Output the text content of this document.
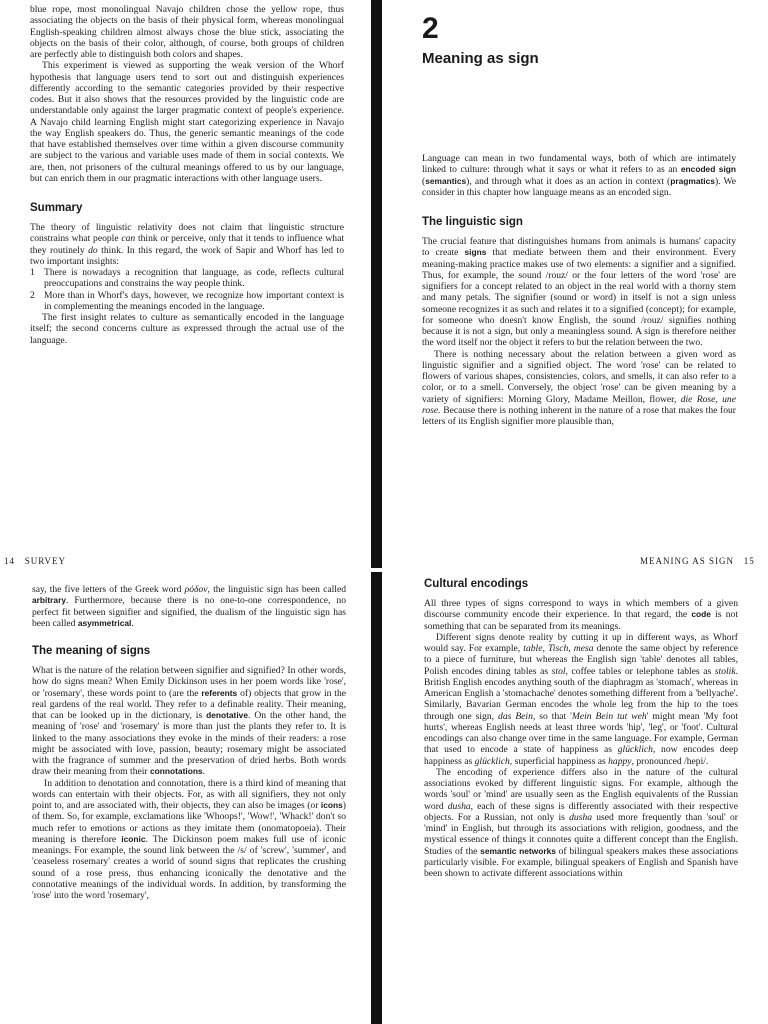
blue rope, most monolingual Navajo children chose the yellow rope, thus associating the objects on the basis of their physical form, whereas monolingual English-speaking children almost always chose the blue stick, associating the objects on the basis of their color, although, of course, both groups of children are perfectly able to distinguish both colors and shapes.

This experiment is viewed as supporting the weak version of the Whorf hypothesis that language users tend to sort out and distinguish experiences differently according to the semantic categories provided by their respective codes. But it also shows that the resources provided by the linguistic code are understandable only against the larger pragmatic context of people's experience. A Navajo child learning English might start categorizing experience in Navajo the way English speakers do. Thus, the generic semantic meanings of the code that have established themselves over time within a given discourse community are subject to the various and variable uses made of them in social contexts. We are, then, not prisoners of the cultural meanings offered to us by our language, but can enrich them in our pragmatic interactions with other language users.

Summary

The theory of linguistic relativity does not claim that linguistic structure constrains what people can think or perceive, only that it tends to influence what they routinely do think. In this regard, the work of Sapir and Whorf has led to two important insights:

1 There is nowadays a recognition that language, as code, reflects cultural preoccupations and constrains the way people think.

2 More than in Whorf's days, however, we recognize how important context is in complementing the meanings encoded in the language.

The first insight relates to culture as semantically encoded in the language itself; the second concerns culture as expressed through the actual use of the language.

14 SURVEY
2
Meaning as sign

Language can mean in two fundamental ways, both of which are intimately linked to culture: through what it says or what it refers to as an encoded sign (semantics), and through what it does as an action in context (pragmatics). We consider in this chapter how language means as an encoded sign.

The linguistic sign

The crucial feature that distinguishes humans from animals is humans' capacity to create signs that mediate between them and their environment. Every meaning-making practice makes use of two elements: a signifier and a signified. Thus, for example, the sound /rouz/ or the four letters of the word 'rose' are signifiers for a concept related to an object in the real world with a thorny stem and many petals. The signifier (sound or word) in itself is not a sign unless someone recognizes it as such and relates it to a signified (concept); for example, for someone who doesn't know English, the sound /rouz/ signifies nothing because it is not a sign, but only a meaningless sound. A sign is therefore neither the word itself nor the object it refers to but the relation between the two.

There is nothing necessary about the relation between a given word as linguistic signifier and a signified object. The word 'rose' can be related to flowers of various shapes, consistencies, colors, and smells, it can also refer to a color, or to a smell. Conversely, the object 'rose' can be given meaning by a variety of signifiers: Morning Glory, Madame Meillon, flower, die Rose, une rose. Because there is nothing inherent in the nature of a rose that makes the four letters of its English signifier more plausible than,

MEANING AS SIGN 15

say, the five letters of the Greek word ρόδον, the linguistic sign has been called arbitrary. Furthermore, because there is no one-to-one correspondence, no perfect fit between signifier and signified, the dualism of the linguistic sign has been called asymmetrical.

The meaning of signs

What is the nature of the relation between signifier and signified? In other words, how do signs mean? When Emily Dickinson uses in her poem words like 'rose', or 'rosemary', these words point to (are the referents of) objects that grow in the real gardens of the real world. They refer to a definable reality. Their meaning, that can be looked up in the dictionary, is denotative. On the other hand, the meaning of 'rose' and 'rosemary' is more than just the plants they refer to. It is linked to the many associations they evoke in the minds of their readers: a rose might be associated with love, passion, beauty; rosemary might be associated with the fragrance of summer and the preservation of dried herbs. Both words draw their meaning from their connotations.

In addition to denotation and connotation, there is a third kind of meaning that words can entertain with their objects. For, as with all signifiers, they not only point to, and are associated with, their objects, they can also be images (or icons) of them. So, for example, exclamations like 'Whoops!', 'Wow!', 'Whack!' don't so much refer to emotions or actions as they imitate them (onomatopoeia). Their meaning is therefore iconic. The Dickinson poem makes full use of iconic meanings. For example, the sound link between the /s/ of 'screw', 'summer', and 'ceaseless rosemary' creates a world of sound signs that replicates the crushing sound of a rose press, thus enhancing iconically the denotative and the connotative meanings of the individual words. In addition, by transforming the 'rose' into the word 'rosemary',

Cultural encodings

All three types of signs correspond to ways in which members of a given discourse community encode their experience. In that regard, the code is not something that can be separated from its meanings.

Different signs denote reality by cutting it up in different ways, as Whorf would say. For example, table, Tisch, mesa denote the same object by reference to a piece of furniture, but whereas the English sign 'table' denotes all tables, Polish encodes dining tables as stol, coffee tables or telephone tables as stolik. British English encodes anything south of the diaphragm as 'stomach', whereas in American English a 'stomachache' denotes something different from a 'bellyache'. Similarly, Bavarian German encodes the whole leg from the hip to the toes through one sign, das Bein, so that 'Mein Bein tut weh' might mean 'My foot hurts', whereas English needs at least three words 'hip', 'leg', or 'foot'. Cultural encodings can also change over time in the same language. For example, German that used to encode a state of happiness as glücklich, now encodes deep happiness as glücklich, superficial happiness as happy, pronounced /hepi/.

The encoding of experience differs also in the nature of the cultural associations evoked by different linguistic signs. For example, although the words 'soul' or 'mind' are usually seen as the English equivalents of the Russian word dusha, each of these signs is differently associated with their respective objects. For a Russian, not only is dusha used more frequently than 'soul' or 'mind' in English, but through its associations with religion, goodness, and the mystical essence of things it connotes quite a different concept than the English. Studies of the semantic networks of bilingual speakers makes these associations particularly visible. For example, bilingual speakers of English and Spanish have been shown to activate different associations within
